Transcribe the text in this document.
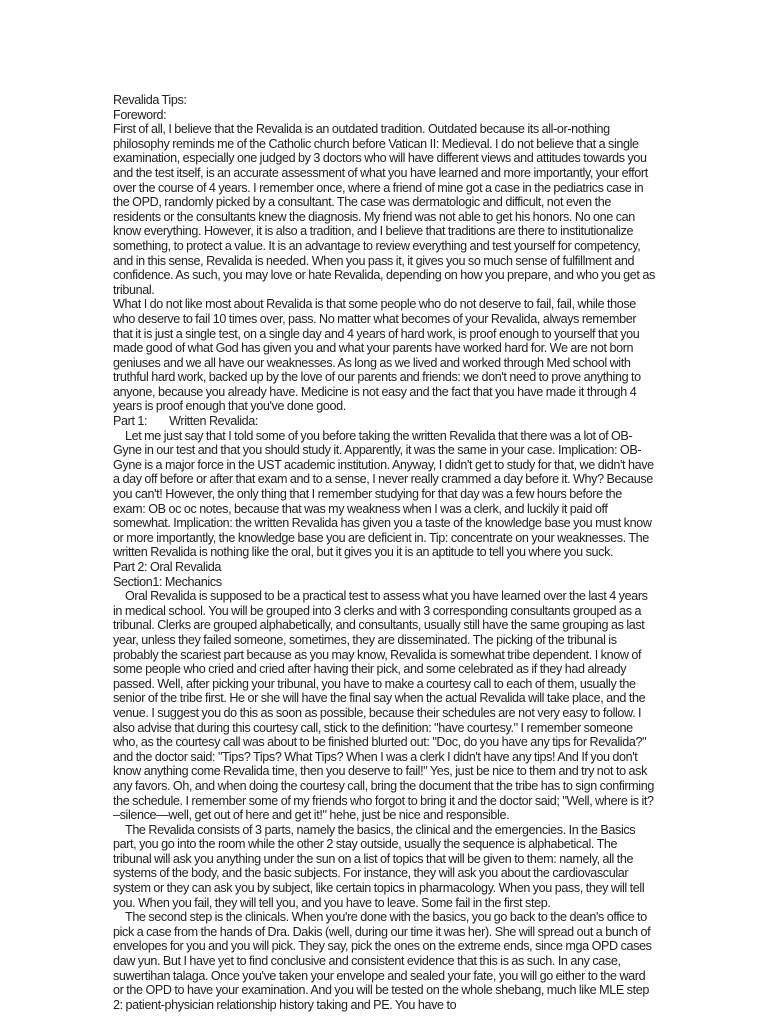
Revalida Tips:
Foreword:

First of all, I believe that the Revalida is an outdated tradition. Outdated because its all-or-nothing philosophy reminds me of the Catholic church before Vatican II: Medieval. I do not believe that a single examination, especially one judged by 3 doctors who will have different views and attitudes towards you and the test itself, is an accurate assessment of what you have learned and more importantly, your effort over the course of 4 years. I remember once, where a friend of mine got a case in the pediatrics case in the OPD, randomly picked by a consultant. The case was dermatologic and difficult, not even the residents or the consultants knew the diagnosis. My friend was not able to get his honors. No one can know everything. However, it is also a tradition, and I believe that traditions are there to institutionalize something, to protect a value. It is an advantage to review everything and test yourself for competency, and in this sense, Revalida is needed. When you pass it, it gives you so much sense of fulfillment and confidence. As such, you may love or hate Revalida, depending on how you prepare, and who you get as tribunal.

What I do not like most about Revalida is that some people who do not deserve to fail, fail, while those who deserve to fail 10 times over, pass. No matter what becomes of your Revalida, always remember that it is just a single test, on a single day and 4 years of hard work, is proof enough to yourself that you made good of what God has given you and what your parents have worked hard for. We are not born geniuses and we all have our weaknesses. As long as we lived and worked through Med school with truthful hard work, backed up by the love of our parents and friends: we don't need to prove anything to anyone, because you already have. Medicine is not easy and the fact that you have made it through 4 years is proof enough that you've done good.

Part 1: Written Revalida:

Let me just say that I told some of you before taking the written Revalida that there was a lot of OB-Gyne in our test and that you should study it. Apparently, it was the same in your case. Implication: OB-Gyne is a major force in the UST academic institution. Anyway, I didn't get to study for that, we didn't have a day off before or after that exam and to a sense, I never really crammed a day before it. Why? Because you can't! However, the only thing that I remember studying for that day was a few hours before the exam: OB oc oc notes, because that was my weakness when I was a clerk, and luckily it paid off somewhat. Implication: the written Revalida has given you a taste of the knowledge base you must know or more importantly, the knowledge base you are deficient in. Tip: concentrate on your weaknesses. The written Revalida is nothing like the oral, but it gives you it is an aptitude to tell you where you suck.

Part 2: Oral Revalida
Section1: Mechanics

Oral Revalida is supposed to be a practical test to assess what you have learned over the last 4 years in medical school. You will be grouped into 3 clerks and with 3 corresponding consultants grouped as a tribunal. Clerks are grouped alphabetically, and consultants, usually still have the same grouping as last year, unless they failed someone, sometimes, they are disseminated. The picking of the tribunal is probably the scariest part because as you may know, Revalida is somewhat tribe dependent. I know of some people who cried and cried after having their pick, and some celebrated as if they had already passed. Well, after picking your tribunal, you have to make a courtesy call to each of them, usually the senior of the tribe first. He or she will have the final say when the actual Revalida will take place, and the venue. I suggest you do this as soon as possible, because their schedules are not very easy to follow. I also advise that during this courtesy call, stick to the definition: "have courtesy." I remember someone who, as the courtesy call was about to be finished blurted out: "Doc, do you have any tips for Revalida?" and the doctor said: "Tips? Tips? What Tips? When I was a clerk I didn't have any tips! And If you don't know anything come Revalida time, then you deserve to fail!" Yes, just be nice to them and try not to ask any favors. Oh, and when doing the courtesy call, bring the document that the tribe has to sign confirming the schedule. I remember some of my friends who forgot to bring it and the doctor said; "Well, where is it? –silence—well, get out of here and get it!" hehe, just be nice and responsible.

The Revalida consists of 3 parts, namely the basics, the clinical and the emergencies. In the Basics part, you go into the room while the other 2 stay outside, usually the sequence is alphabetical. The tribunal will ask you anything under the sun on a list of topics that will be given to them: namely, all the systems of the body, and the basic subjects. For instance, they will ask you about the cardiovascular system or they can ask you by subject, like certain topics in pharmacology. When you pass, they will tell you. When you fail, they will tell you, and you have to leave. Some fail in the first step.

The second step is the clinicals. When you're done with the basics, you go back to the dean's office to pick a case from the hands of Dra. Dakis (well, during our time it was her). She will spread out a bunch of envelopes for you and you will pick. They say, pick the ones on the extreme ends, since mga OPD cases daw yun. But I have yet to find conclusive and consistent evidence that this is as such. In any case, suwertihan talaga. Once you've taken your envelope and sealed your fate, you will go either to the ward or the OPD to have your examination. And you will be tested on the whole shebang, much like MLE step 2: patient-physician relationship history taking and PE. You have to
